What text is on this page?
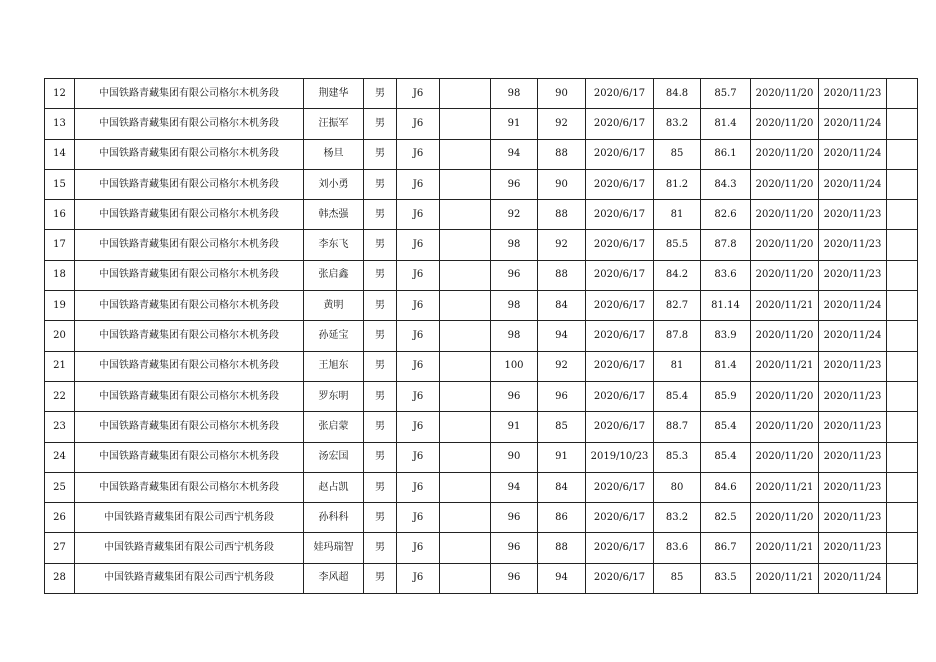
12	中国铁路青藏集团有限公司格尔木机务段	荆建华	男	J6		98	90	2020/6/17	84.8	85.7	2020/11/20	2020/11/23	
13	中国铁路青藏集团有限公司格尔木机务段	汪振军	男	J6		91	92	2020/6/17	83.2	81.4	2020/11/20	2020/11/24	
14	中国铁路青藏集团有限公司格尔木机务段	杨旦	男	J6		94	88	2020/6/17	85	86.1	2020/11/20	2020/11/24	
15	中国铁路青藏集团有限公司格尔木机务段	刘小勇	男	J6		96	90	2020/6/17	81.2	84.3	2020/11/20	2020/11/24	
16	中国铁路青藏集团有限公司格尔木机务段	韩杰强	男	J6		92	88	2020/6/17	81	82.6	2020/11/20	2020/11/23	
17	中国铁路青藏集团有限公司格尔木机务段	李东飞	男	J6		98	92	2020/6/17	85.5	87.8	2020/11/20	2020/11/23	
18	中国铁路青藏集团有限公司格尔木机务段	张启鑫	男	J6		96	88	2020/6/17	84.2	83.6	2020/11/20	2020/11/23	
19	中国铁路青藏集团有限公司格尔木机务段	黄明	男	J6		98	84	2020/6/17	82.7	81.14	2020/11/21	2020/11/24	
20	中国铁路青藏集团有限公司格尔木机务段	孙延宝	男	J6		98	94	2020/6/17	87.8	83.9	2020/11/20	2020/11/24	
21	中国铁路青藏集团有限公司格尔木机务段	王旭东	男	J6		100	92	2020/6/17	81	81.4	2020/11/21	2020/11/23	
22	中国铁路青藏集团有限公司格尔木机务段	罗东明	男	J6		96	96	2020/6/17	85.4	85.9	2020/11/20	2020/11/23	
23	中国铁路青藏集团有限公司格尔木机务段	张启蒙	男	J6		91	85	2020/6/17	88.7	85.4	2020/11/20	2020/11/23	
24	中国铁路青藏集团有限公司格尔木机务段	汤宏国	男	J6		90	91	2019/10/23	85.3	85.4	2020/11/20	2020/11/23	
25	中国铁路青藏集团有限公司格尔木机务段	赵占凯	男	J6		94	84	2020/6/17	80	84.6	2020/11/21	2020/11/23	
26	中国铁路青藏集团有限公司西宁机务段	孙科科	男	J6		96	86	2020/6/17	83.2	82.5	2020/11/20	2020/11/23	
27	中国铁路青藏集团有限公司西宁机务段	娃玛瑞智	男	J6		96	88	2020/6/17	83.6	86.7	2020/11/21	2020/11/23	
28	中国铁路青藏集团有限公司西宁机务段	李风超	男	J6		96	94	2020/6/17	85	83.5	2020/11/21	2020/11/24	
